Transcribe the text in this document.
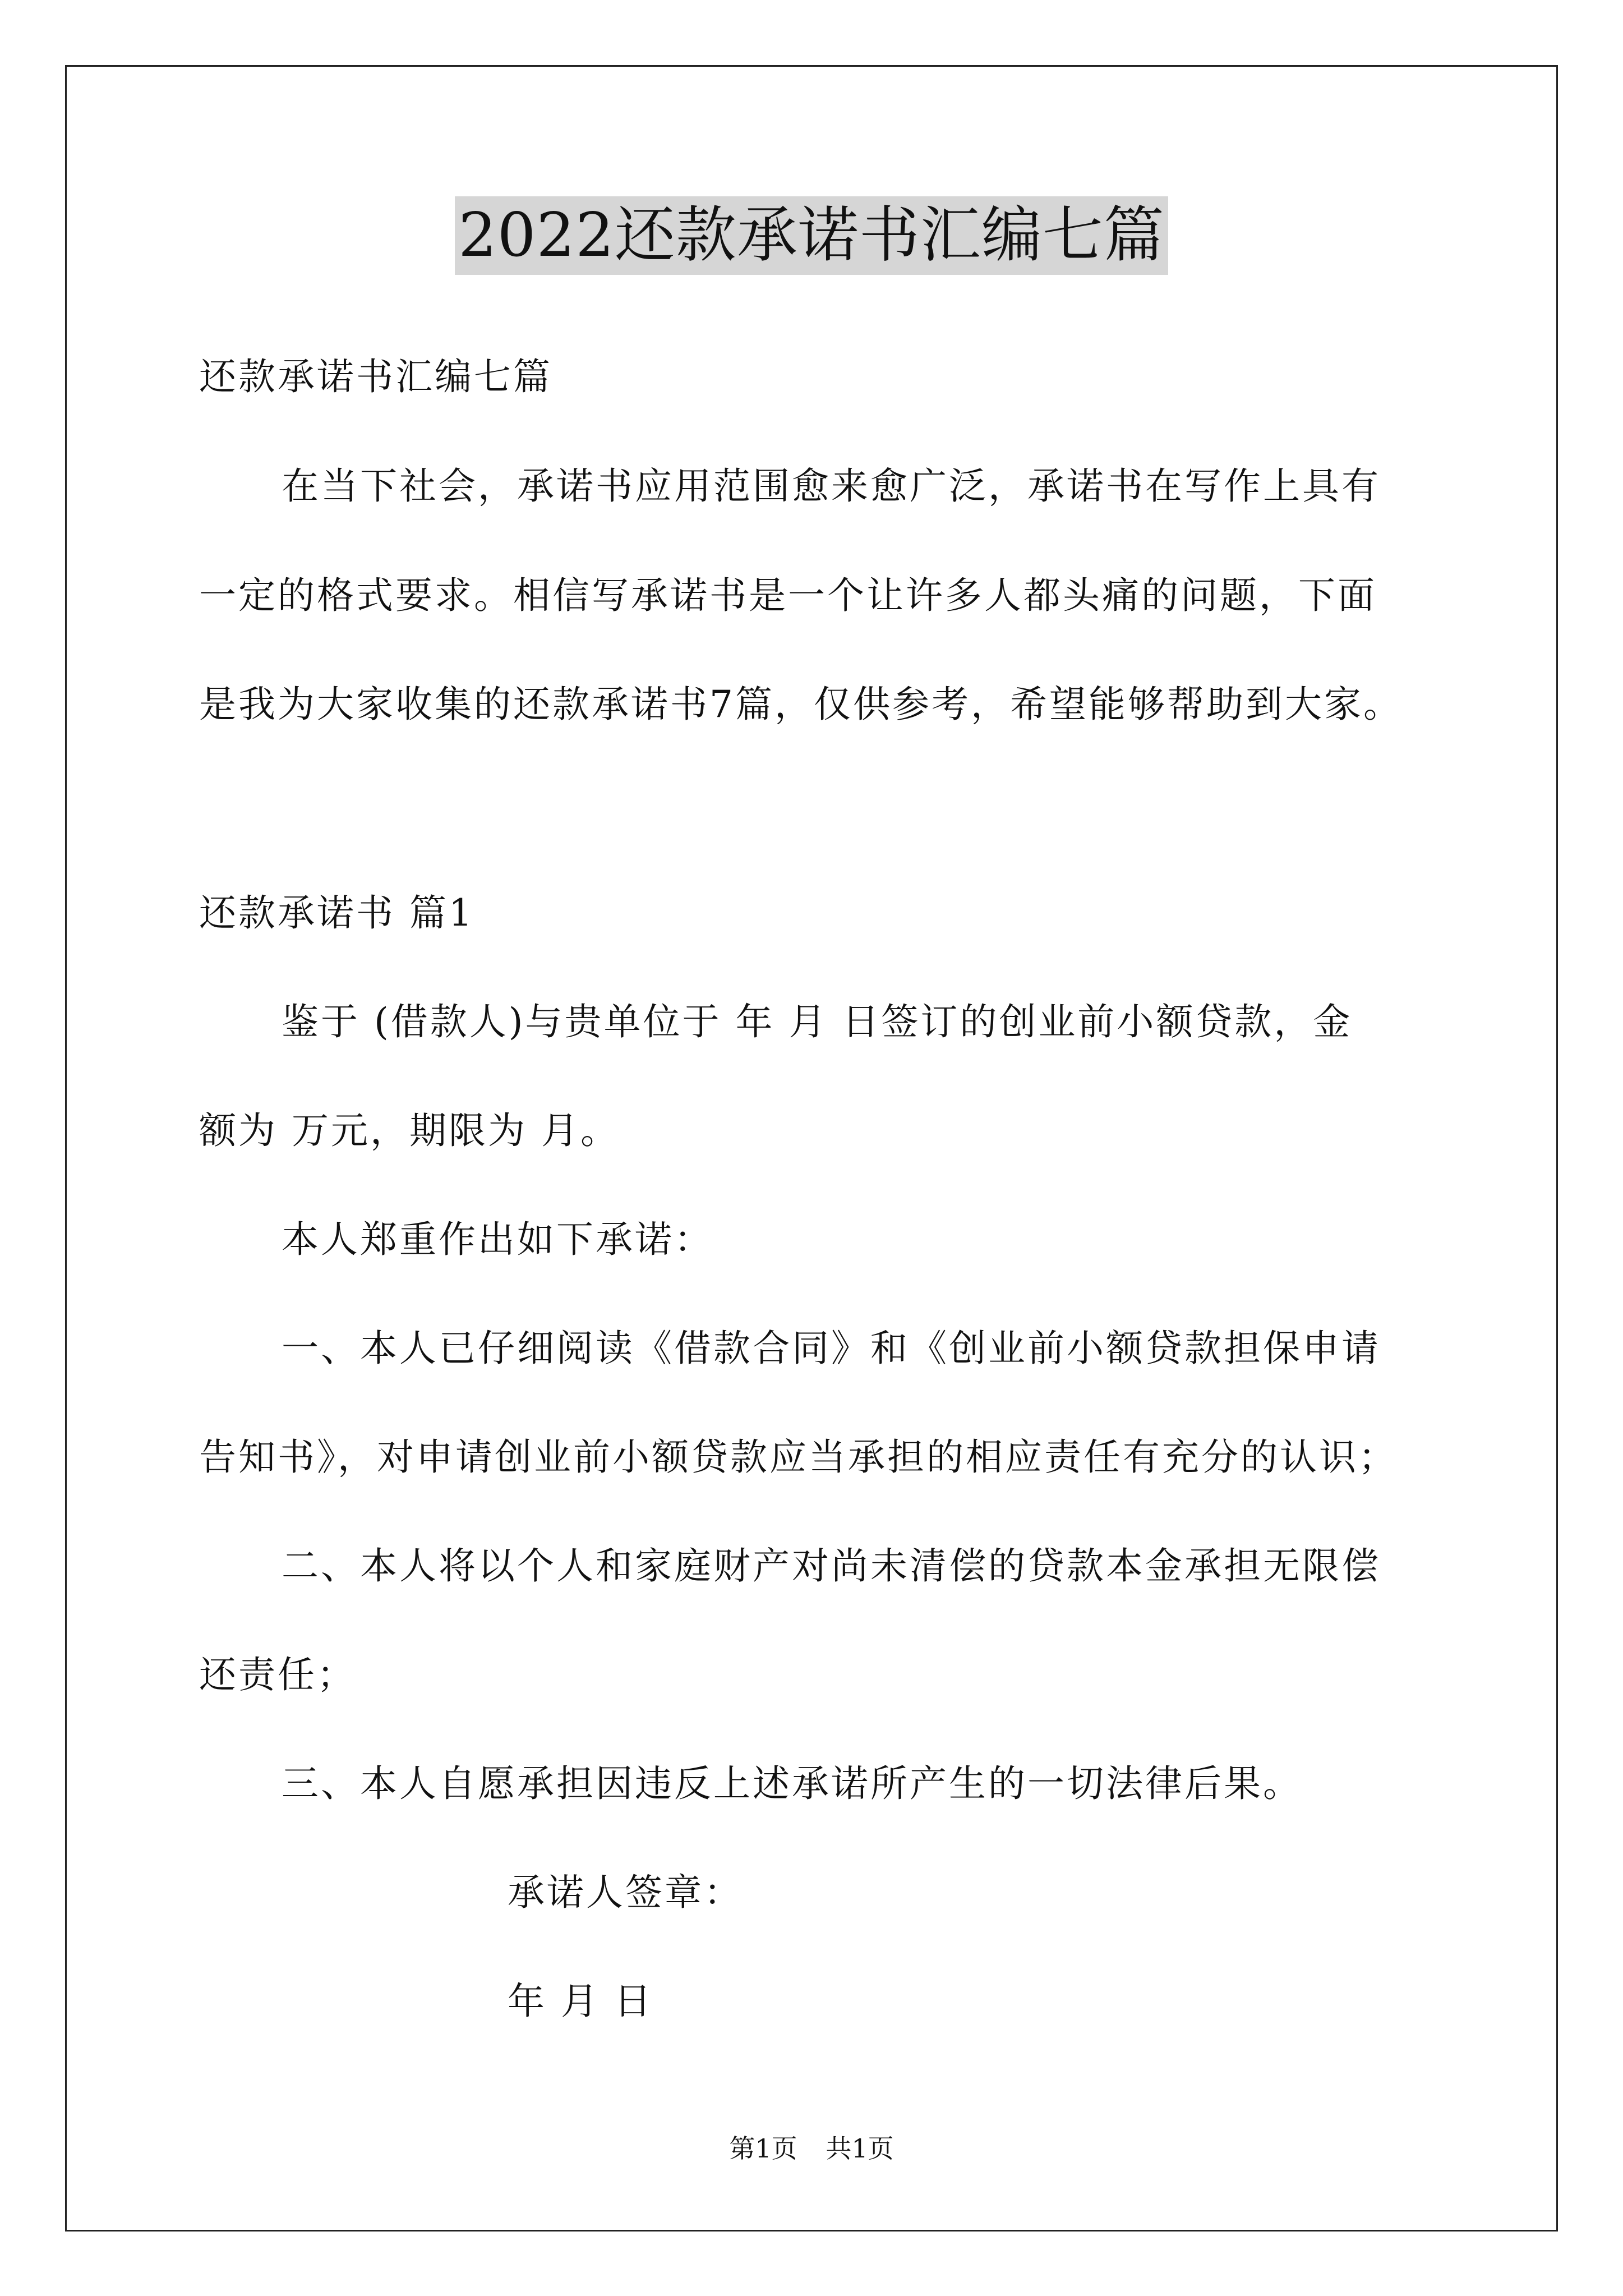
2022还款承诺书汇编七篇
还款承诺书汇编七篇
在当下社会，承诺书应用范围愈来愈广泛，承诺书在写作上具有
一定的格式要求。相信写承诺书是一个让许多人都头痛的问题，下面
是我为大家收集的还款承诺书7篇，仅供参考，希望能够帮助到大家。
还款承诺书 篇1
鉴于 (借款人)与贵单位于 年 月 日签订的创业前小额贷款，金
额为 万元，期限为 月。
本人郑重作出如下承诺：
一、本人已仔细阅读《借款合同》和《创业前小额贷款担保申请
告知书》，对申请创业前小额贷款应当承担的相应责任有充分的认识；
二、本人将以个人和家庭财产对尚未清偿的贷款本金承担无限偿
还责任；
三、本人自愿承担因违反上述承诺所产生的一切法律后果。
承诺人签章：
年 月 日
第1页 共1页
